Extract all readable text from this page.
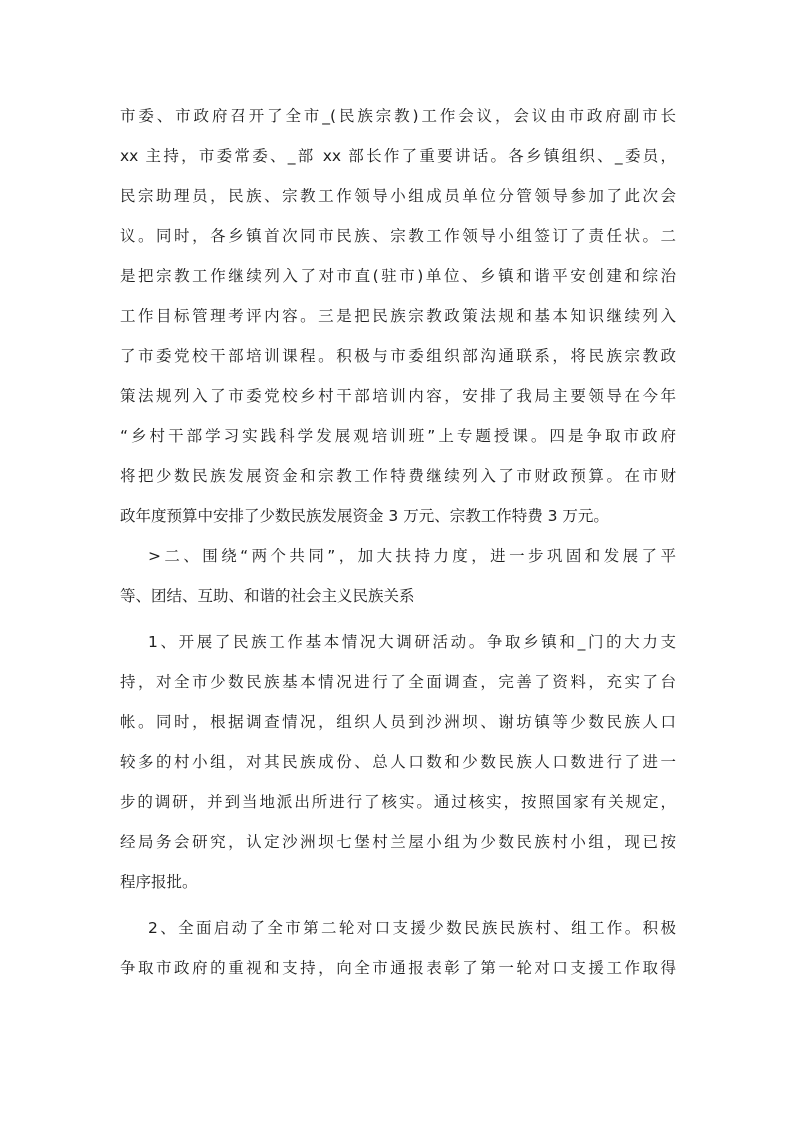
市委、市政府召开了全市_(民族宗教)工作会议，会议由市政府副市长
xx 主持，市委常委、_部 xx 部长作了重要讲话。各乡镇组织、_委员，
民宗助理员，民族、宗教工作领导小组成员单位分管领导参加了此次会
议。同时，各乡镇首次同市民族、宗教工作领导小组签订了责任状。二
是把宗教工作继续列入了对市直(驻市)单位、乡镇和谐平安创建和综治
工作目标管理考评内容。三是把民族宗教政策法规和基本知识继续列入
了市委党校干部培训课程。积极与市委组织部沟通联系，将民族宗教政
策法规列入了市委党校乡村干部培训内容，安排了我局主要领导在今年
“乡村干部学习实践科学发展观培训班”上专题授课。四是争取市政府
将把少数民族发展资金和宗教工作特费继续列入了市财政预算。在市财
政年度预算中安排了少数民族发展资金 3 万元、宗教工作特费 3 万元。
>二、围绕“两个共同”，加大扶持力度，进一步巩固和发展了平
等、团结、互助、和谐的社会主义民族关系
1、开展了民族工作基本情况大调研活动。争取乡镇和_门的大力支
持，对全市少数民族基本情况进行了全面调查，完善了资料，充实了台
帐。同时，根据调查情况，组织人员到沙洲坝、谢坊镇等少数民族人口
较多的村小组，对其民族成份、总人口数和少数民族人口数进行了进一
步的调研，并到当地派出所进行了核实。通过核实，按照国家有关规定，
经局务会研究，认定沙洲坝七堡村兰屋小组为少数民族村小组，现已按
程序报批。
2、全面启动了全市第二轮对口支援少数民族民族村、组工作。积极
争取市政府的重视和支持，向全市通报表彰了第一轮对口支援工作取得
